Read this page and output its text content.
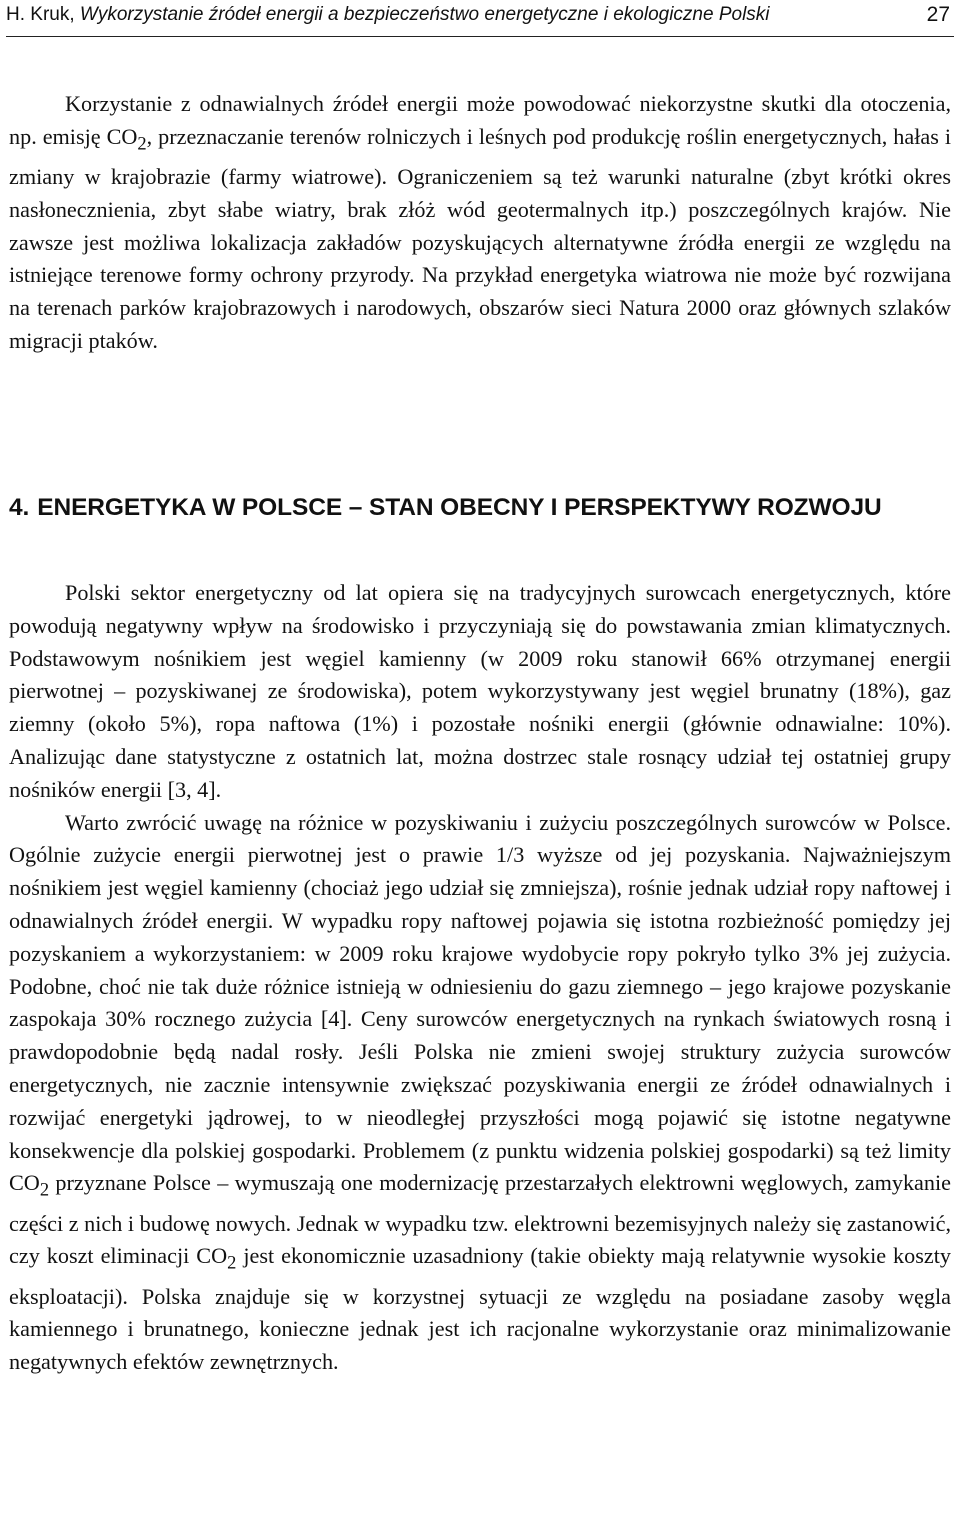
H. Kruk, Wykorzystanie źródeł energii a bezpieczeństwo energetyczne i ekologiczne Polski	27

Korzystanie z odnawialnych źródeł energii może powodować niekorzystne skutki dla otoczenia, np. emisję $CO_2$, przeznaczanie terenów rolniczych i leśnych pod produkcję roślin energetycznych, hałas i zmiany w krajobrazie (farmy wiatrowe). Ograniczeniem są też warunki naturalne (zbyt krótki okres nasłonecznienia, zbyt słabe wiatry, brak złóż wód geotermalnych itp.) poszczególnych krajów. Nie zawsze jest możliwa lokalizacja zakładów pozyskujących alternatywne źródła energii ze względu na istniejące terenowe formy ochrony przyrody. Na przykład energetyka wiatrowa nie może być rozwijana na terenach parków krajobrazowych i narodowych, obszarów sieci Natura 2000 oraz głównych szlaków migracji ptaków.

4. ENERGETYKA W POLSCE – STAN OBECNY I PERSPEKTYWY ROZWOJU

Polski sektor energetyczny od lat opiera się na tradycyjnych surowcach energetycznych, które powodują negatywny wpływ na środowisko i przyczyniają się do powstawania zmian klimatycznych. Podstawowym nośnikiem jest węgiel kamienny (w 2009 roku stanowił 66% otrzymanej energii pierwotnej – pozyskiwanej ze środowiska), potem wykorzystywany jest węgiel brunatny (18%), gaz ziemny (około 5%), ropa naftowa (1%) i pozostałe nośniki energii (głównie odnawialne: 10%). Analizując dane statystyczne z ostatnich lat, można dostrzec stale rosnący udział tej ostatniej grupy nośników energii [3, 4].

Warto zwrócić uwagę na różnice w pozyskiwaniu i zużyciu poszczególnych surowców w Polsce. Ogólnie zużycie energii pierwotnej jest o prawie 1/3 wyższe od jej pozyskania. Najważniejszym nośnikiem jest węgiel kamienny (chociaż jego udział się zmniejsza), rośnie jednak udział ropy naftowej i odnawialnych źródeł energii. W wypadku ropy naftowej pojawia się istotna rozbieżność pomiędzy jej pozyskaniem a wykorzystaniem: w 2009 roku krajowe wydobycie ropy pokryło tylko 3% jej zużycia. Podobne, choć nie tak duże różnice istnieją w odniesieniu do gazu ziemnego – jego krajowe pozyskanie zaspokaja 30% rocznego zużycia [4]. Ceny surowców energetycznych na rynkach światowych rosną i prawdopodobnie będą nadal rosły. Jeśli Polska nie zmieni swojej struktury zużycia surowców energetycznych, nie zacznie intensywnie zwiększać pozyskiwania energii ze źródeł odnawialnych i rozwijać energetyki jądrowej, to w nieodległej przyszłości mogą pojawić się istotne negatywne konsekwencje dla polskiej gospodarki. Problemem (z punktu widzenia polskiej gospodarki) są też limity $CO_2$ przyznane Polsce – wymuszają one modernizację przestarzałych elektrowni węglowych, zamykanie części z nich i budowę nowych. Jednak w wypadku tzw. elektrowni bezemisyjnych należy się zastanowić, czy koszt eliminacji $CO_2$ jest ekonomicznie uzasadniony (takie obiekty mają relatywnie wysokie koszty eksploatacji). Polska znajduje się w korzystnej sytuacji ze względu na posiadane zasoby węgla kamiennego i brunatnego, konieczne jednak jest ich racjonalne wykorzystanie oraz minimalizowanie negatywnych efektów zewnętrznych.
